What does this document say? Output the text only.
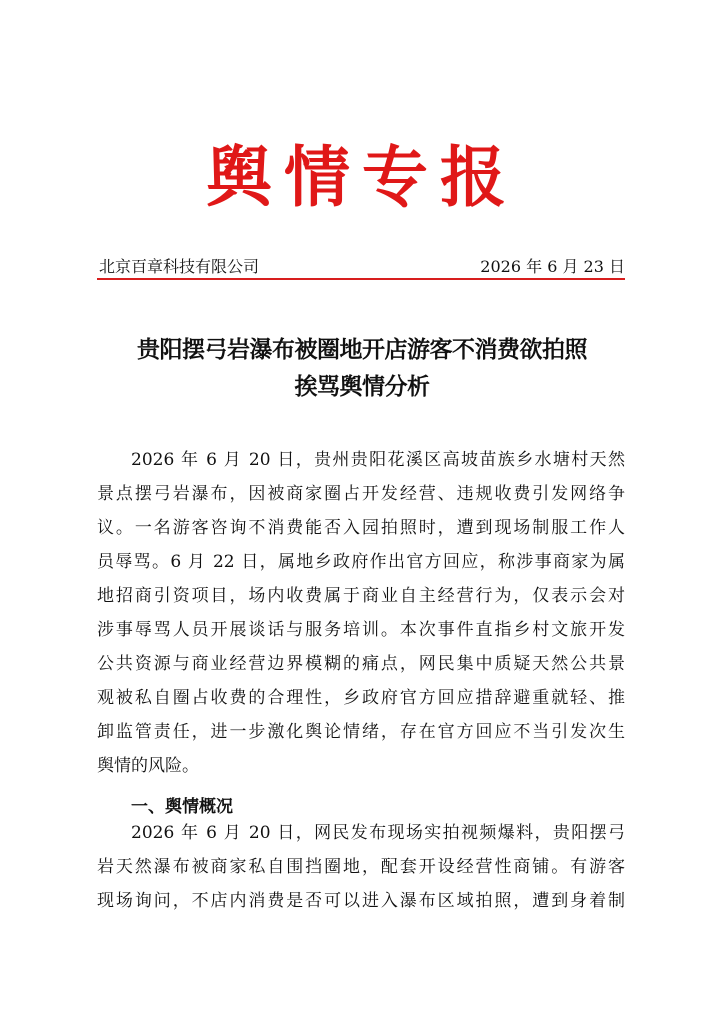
舆情专报
北京百章科技有限公司	2026 年 6 月 23 日
贵阳摆弓岩瀑布被圈地开店游客不消费欲拍照
挨骂舆情分析
2026 年 6 月 20 日，贵州贵阳花溪区高坡苗族乡水塘村天然
景点摆弓岩瀑布，因被商家圈占开发经营、违规收费引发网络争
议。一名游客咨询不消费能否入园拍照时，遭到现场制服工作人
员辱骂。6 月 22 日，属地乡政府作出官方回应，称涉事商家为属
地招商引资项目，场内收费属于商业自主经营行为，仅表示会对
涉事辱骂人员开展谈话与服务培训。本次事件直指乡村文旅开发
公共资源与商业经营边界模糊的痛点，网民集中质疑天然公共景
观被私自圈占收费的合理性，乡政府官方回应措辞避重就轻、推
卸监管责任，进一步激化舆论情绪，存在官方回应不当引发次生
舆情的风险。
一、舆情概况
2026 年 6 月 20 日，网民发布现场实拍视频爆料，贵阳摆弓
岩天然瀑布被商家私自围挡圈地，配套开设经营性商铺。有游客
现场询问，不店内消费是否可以进入瀑布区域拍照，遭到身着制
